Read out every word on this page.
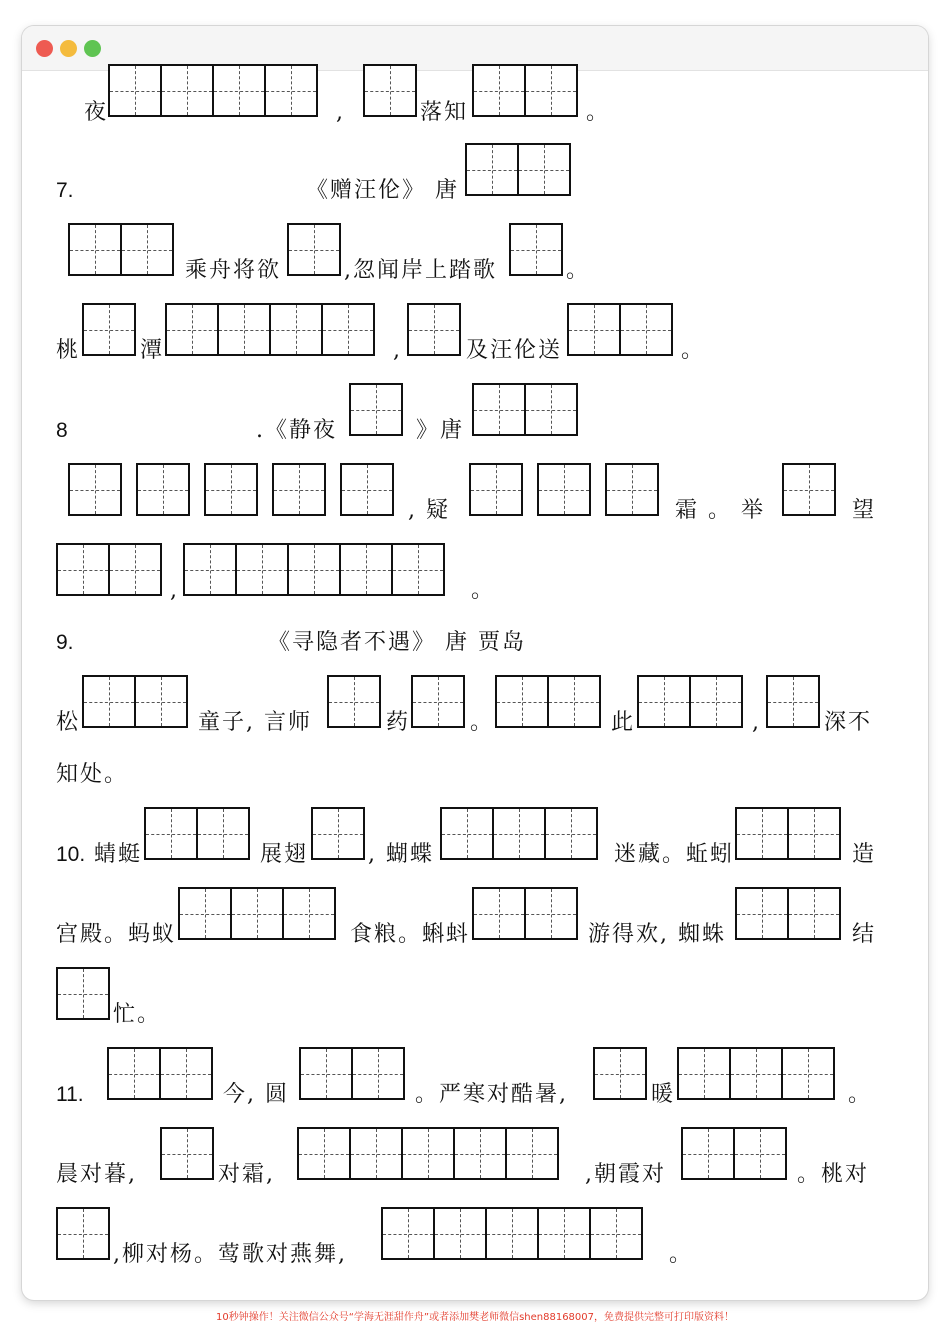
夜	,	落知	。
7.	《赠汪伦》 唐
乘舟将欲	,忽闻岸上踏歌	。
桃	潭	,	及汪伦送	。
8	.《静夜	》唐
, 疑	霜 。 举	望
,	。
9.	《寻隐者不遇》 唐 贾岛
松	童子, 言师	药	。	此	,	深不
知处。
10. 蜻蜓	展翅	, 蝴蝶	迷藏。蚯蚓	造
宫殿。蚂蚁	食粮。蝌蚪	游得欢, 蜘蛛	结
忙。
11.	今, 圆	。严寒对酷暑,	暖	。
晨对暮,	对霜,	,朝霞对	。桃对
,柳对杨。莺歌对燕舞,	。
10秒钟操作！关注微信公众号“学海无涯甜作舟”或者添加樊老师微信shen88168007，免费提供完整可打印版资料！
